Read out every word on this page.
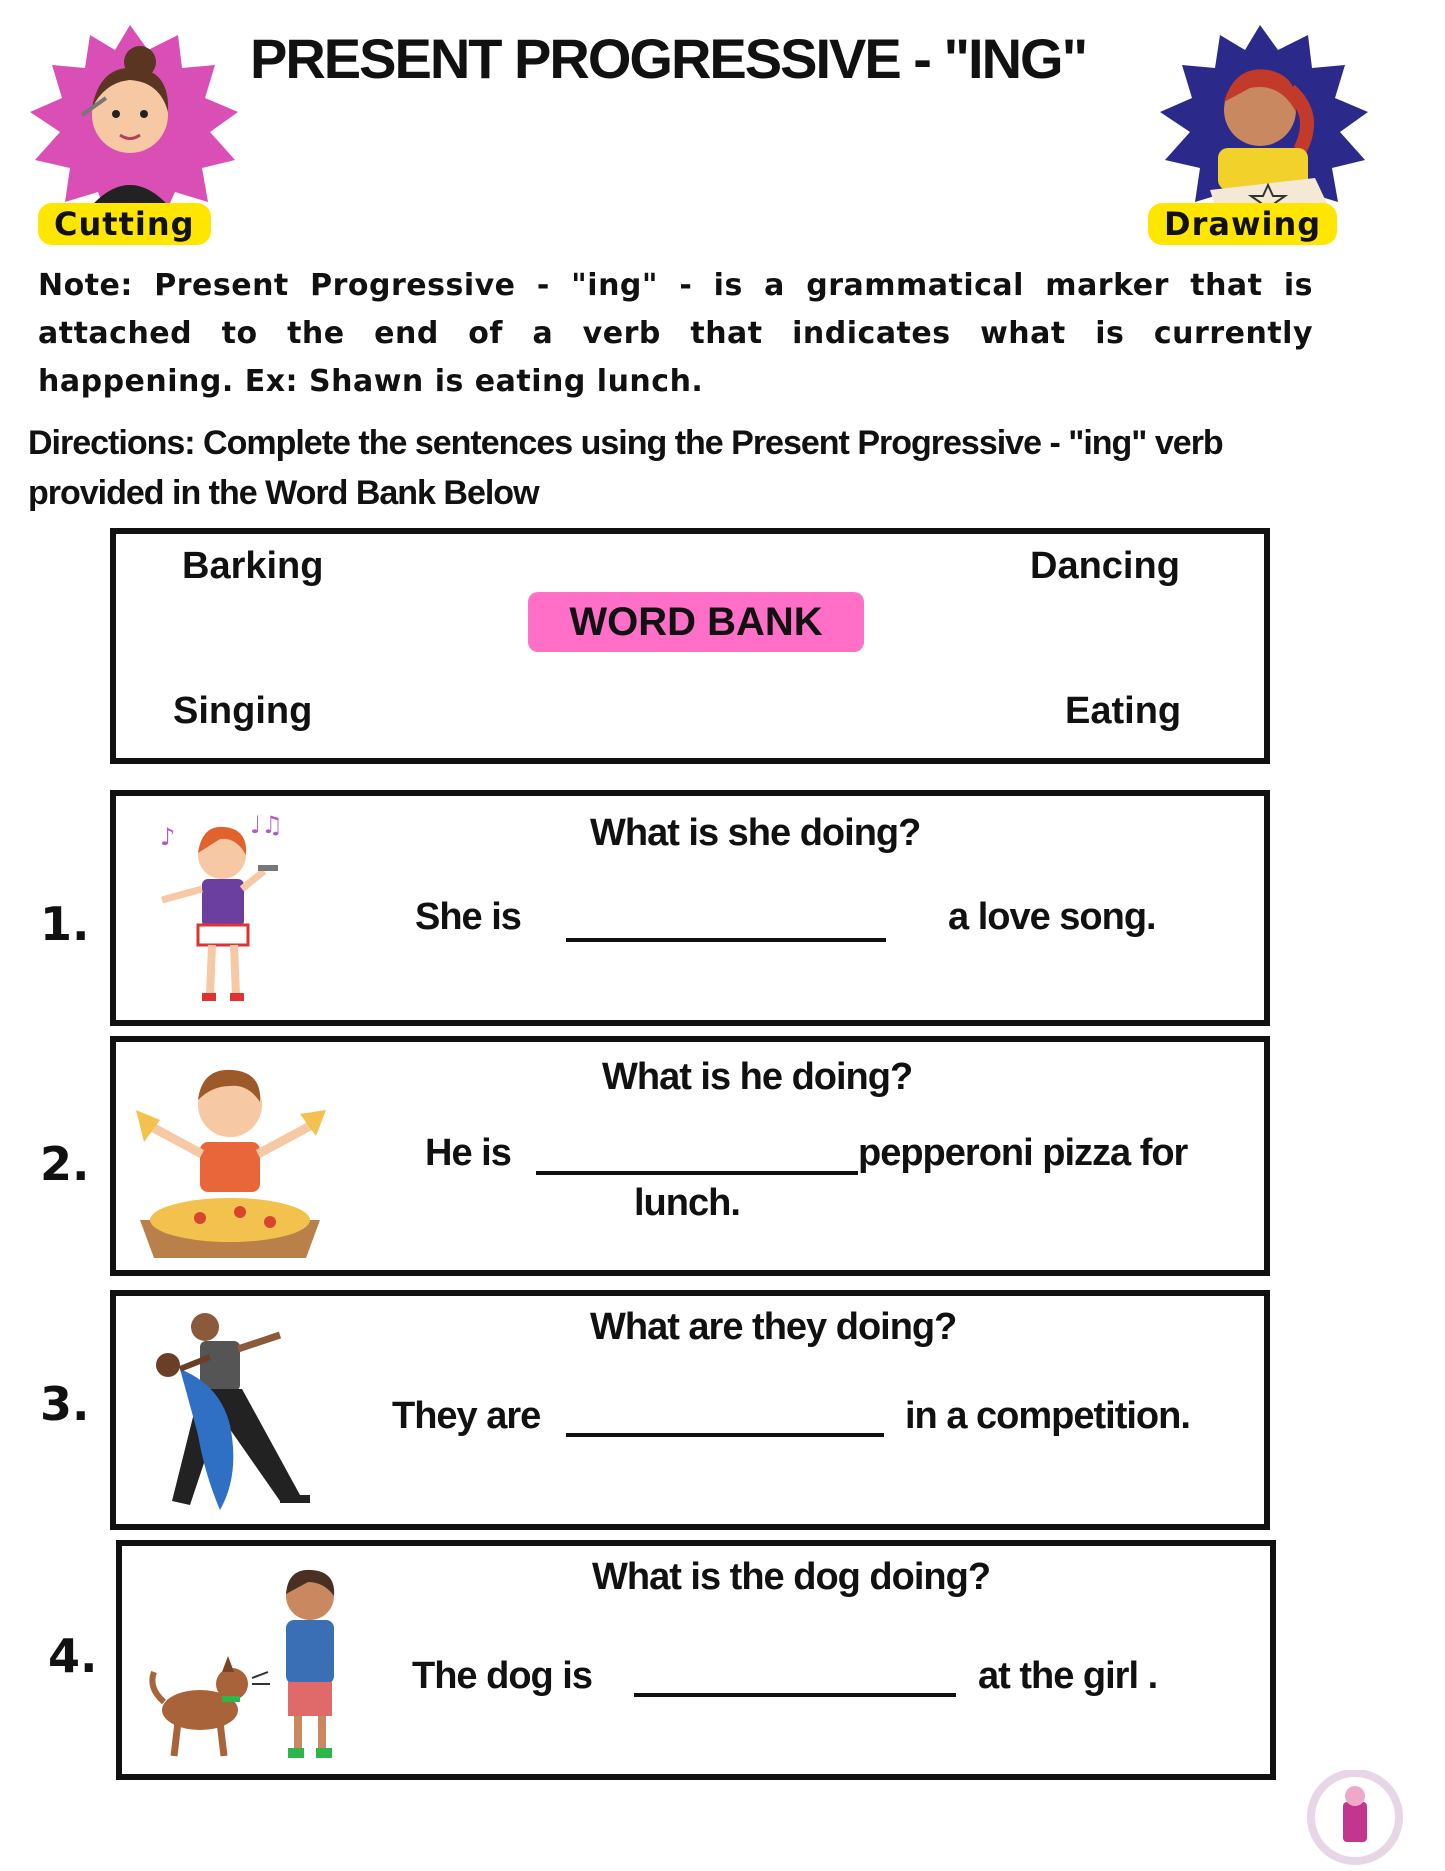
Cutting
PRESENT PROGRESSIVE - "ING"
Drawing
Note: Present Progressive - "ing" - is a grammatical marker that is attached to the end of a verb that indicates what is currently happening. Ex: Shawn is eating lunch.
Directions: Complete the sentences using the Present Progressive - "ing" verb provided in the Word Bank Below
Barking	Dancing
Singing	Eating
WORD BANK
1.
♪	♩♫	What is she doing?
She is	a love song.
2.
What is he doing?
He is	pepperoni pizza for
lunch.
3.
What are they doing?
They are	in a competition.
4.
What is the dog doing?
The dog is	at the girl .
